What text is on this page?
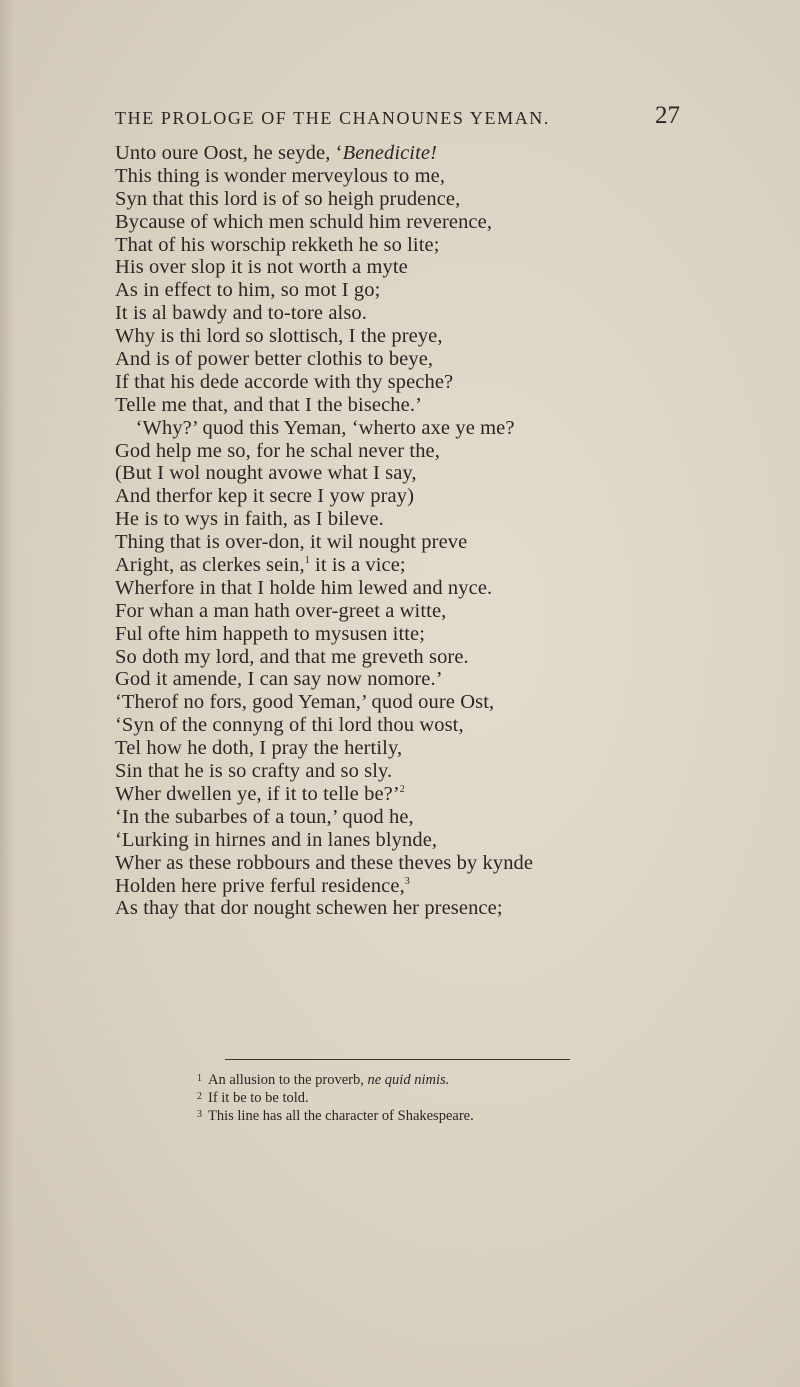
THE PROLOGE OF THE CHANOUNES YEMAN.	27
Unto oure Oost, he seyde, ‘Benedicite!
This thing is wonder merveylous to me,
Syn that this lord is of so heigh prudence,
Bycause of which men schuld him reverence,
That of his worschip rekketh he so lite;
His over slop it is not worth a myte
As in effect to him, so mot I go;
It is al bawdy and to-tore also.
Why is thi lord so slottisch, I the preye,
And is of power better clothis to beye,
If that his dede accorde with thy speche?
Telle me that, and that I the biseche.’
 ‘Why?’ quod this Yeman, ‘wherto axe ye me?
God help me so, for he schal never the,
(But I wol nought avowe what I say,
And therfor kep it secre I yow pray)
He is to wys in faith, as I bileve.
Thing that is over-don, it wil nought preve
Aright, as clerkes sein,$^1$ it is a vice;
Wherfore in that I holde him lewed and nyce.
For whan a man hath over-greet a witte,
Ful ofte him happeth to mysusen itte;
So doth my lord, and that me greveth sore.
God it amende, I can say now nomore.’
‘Therof no fors, good Yeman,’ quod oure Ost,
‘Syn of the connyng of thi lord thou wost,
Tel how he doth, I pray the hertily,
Sin that he is so crafty and so sly.
Wher dwellen ye, if it to telle be?’$^2$
‘In the subarbes of a toun,’ quod he,
‘Lurking in hirnes and in lanes blynde,
Wher as these robbours and these theves by kynde
Holden here prive ferful residence,$^3$
As thay that dor nought schewen her presence;
$^1$ An allusion to the proverb, ne quid nimis.
$^2$ If it be to be told.
$^3$ This line has all the character of Shakespeare.
